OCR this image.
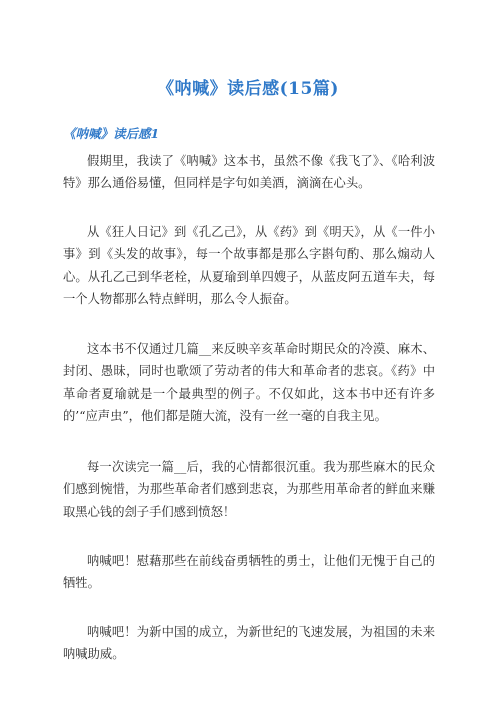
《呐喊》读后感(15篇)
《呐喊》读后感1

假期里，我读了《呐喊》这本书，虽然不像《我飞了》、《哈利波特》那么通俗易懂，但同样是字句如美酒，滴滴在心头。

从《狂人日记》到《孔乙己》，从《药》到《明天》，从《一件小事》到《头发的故事》，每一个故事都是那么字斟句酌、那么煽动人心。从孔乙己到华老栓，从夏瑜到单四嫂子，从蓝皮阿五道车夫，每一个人物都那么特点鲜明，那么令人振奋。

这本书不仅通过几篇__来反映辛亥革命时期民众的冷漠、麻木、封闭、愚昧，同时也歌颂了劳动者的伟大和革命者的悲哀。《药》中革命者夏瑜就是一个最典型的例子。不仅如此，这本书中还有许多的’“应声虫”，他们都是随大流，没有一丝一毫的自我主见。

每一次读完一篇__后，我的心情都很沉重。我为那些麻木的民众们感到惋惜，为那些革命者们感到悲哀，为那些用革命者的鲜血来赚取黑心钱的刽子手们感到愤怒！

呐喊吧！慰藉那些在前线奋勇牺牲的勇士，让他们无愧于自己的牺牲。

呐喊吧！为新中国的成立，为新世纪的飞速发展，为祖国的未来呐喊助威。
